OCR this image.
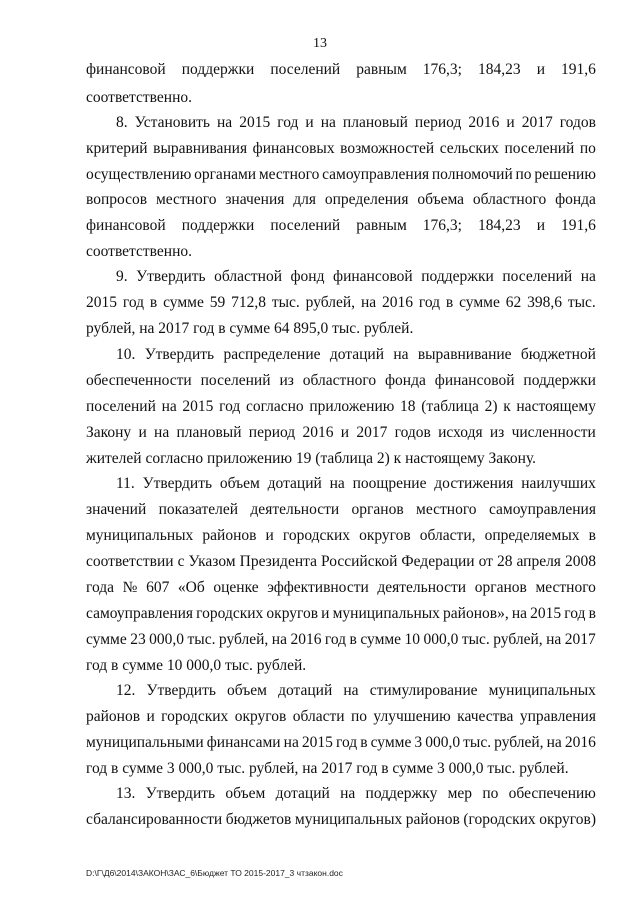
13
финансовой поддержки поселений равным 176,3; 184,23 и 191,6
соответственно.
8. Установить на 2015 год и на плановый период 2016 и 2017 годов
критерий выравнивания финансовых возможностей сельских поселений по
осуществлению органами местного самоуправления полномочий по решению
вопросов местного значения для определения объема областного фонда
финансовой поддержки поселений равным 176,3; 184,23 и 191,6
соответственно.
9. Утвердить областной фонд финансовой поддержки поселений на
2015 год в сумме 59 712,8 тыс. рублей, на 2016 год в сумме 62 398,6 тыс.
рублей, на 2017 год в сумме 64 895,0 тыс. рублей.
10. Утвердить распределение дотаций на выравнивание бюджетной
обеспеченности поселений из областного фонда финансовой поддержки
поселений на 2015 год согласно приложению 18 (таблица 2) к настоящему
Закону и на плановый период 2016 и 2017 годов исходя из численности
жителей согласно приложению 19 (таблица 2) к настоящему Закону.
11. Утвердить объем дотаций на поощрение достижения наилучших
значений показателей деятельности органов местного самоуправления
муниципальных районов и городских округов области, определяемых в
соответствии с Указом Президента Российской Федерации от 28 апреля 2008
года № 607 «Об оценке эффективности деятельности органов местного
самоуправления городских округов и муниципальных районов», на 2015 год в
сумме 23 000,0 тыс. рублей, на 2016 год в сумме 10 000,0 тыс. рублей, на 2017
год в сумме 10 000,0 тыс. рублей.
12. Утвердить объем дотаций на стимулирование муниципальных
районов и городских округов области по улучшению качества управления
муниципальными финансами на 2015 год в сумме 3 000,0 тыс. рублей, на 2016
год в сумме 3 000,0 тыс. рублей, на 2017 год в сумме 3 000,0 тыс. рублей.
13. Утвердить объем дотаций на поддержку мер по обеспечению
сбалансированности бюджетов муниципальных районов (городских округов)
D:\Г\Д6\2014\ЗАКОН\ЗАС_6\Бюджет ТО 2015-2017_3 чтзакон.doc
